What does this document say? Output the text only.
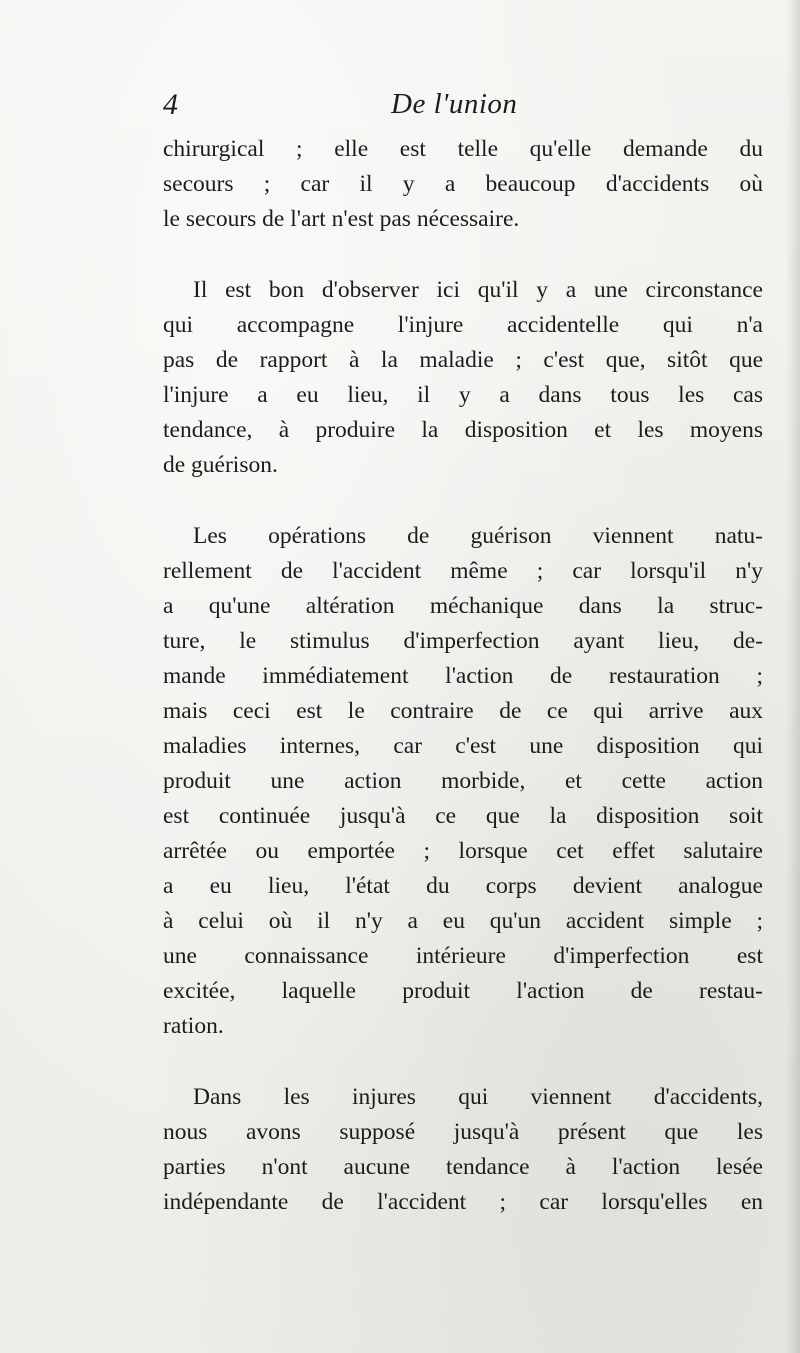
4	De l'union

chirurgical ; elle est telle qu'elle demande du
secours ; car il y a beaucoup d'accidents où
le secours de l'art n'est pas nécessaire.

Il est bon d'observer ici qu'il y a une circonstance
qui accompagne l'injure accidentelle qui n'a
pas de rapport à la maladie ; c'est que, sitôt que
l'injure a eu lieu, il y a dans tous les cas
tendance, à produire la disposition et les moyens
de guérison.

Les opérations de guérison viennent natu-
rellement de l'accident même ; car lorsqu'il n'y
a qu'une altération méchanique dans la struc-
ture, le stimulus d'imperfection ayant lieu, de-
mande immédiatement l'action de restauration ;
mais ceci est le contraire de ce qui arrive aux
maladies internes, car c'est une disposition qui
produit une action morbide, et cette action
est continuée jusqu'à ce que la disposition soit
arrêtée ou emportée ; lorsque cet effet salutaire
a eu lieu, l'état du corps devient analogue
à celui où il n'y a eu qu'un accident simple ;
une connaissance intérieure d'imperfection est
excitée, laquelle produit l'action de restau-
ration.

Dans les injures qui viennent d'accidents,
nous avons supposé jusqu'à présent que les
parties n'ont aucune tendance à l'action lesée
indépendante de l'accident ; car lorsqu'elles en
